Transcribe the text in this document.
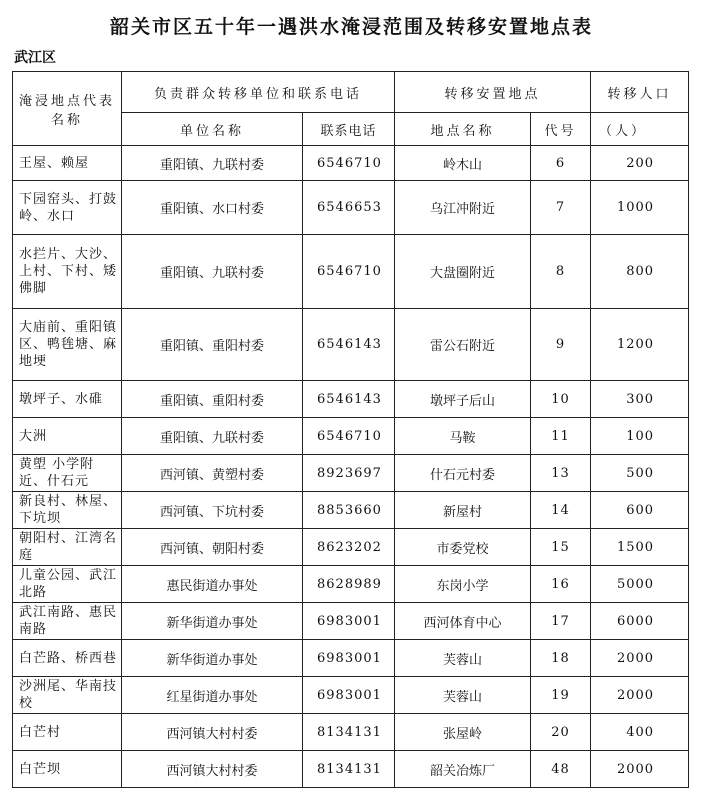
韶关市区五十年一遇洪水淹浸范围及转移安置地点表
武江区
淹浸地点代表名称	负责群众转移单位和联系电话		转移安置地点		转移人口
	单位名称	联系电话	地点名称	代号	（人）
王屋、赖屋	重阳镇、九联村委	6546710	岭木山	6	200
下园窑头、打鼓岭、水口	重阳镇、水口村委	6546653	乌江冲附近	7	1000
水拦片、大沙、上村、下村、矮佛脚	重阳镇、九联村委	6546710	大盘圈附近	8	800
大庙前、重阳镇区、鸭毪塘、麻地埂	重阳镇、重阳村委	6546143	雷公石附近	9	1200
墩坪子、水碓	重阳镇、重阳村委	6546143	墩坪子后山	10	300
大洲	重阳镇、九联村委	6546710	马鞍	11	100
黄塱 小学附近、什石元	西河镇、黄塑村委	8923697	什石元村委	13	500
新良村、林屋、下坑坝	西河镇、下坑村委	8853660	新屋村	14	600
朝阳村、江湾名庭	西河镇、朝阳村委	8623202	市委党校	15	1500
儿童公园、武江北路	惠民街道办事处	8628989	东岗小学	16	5000
武江南路、惠民南路	新华街道办事处	6983001	西河体育中心	17	6000
白芒路、桥西巷	新华街道办事处	6983001	芙蓉山	18	2000
沙洲尾、华南技校	红星街道办事处	6983001	芙蓉山	19	2000
白芒村	西河镇大村村委	8134131	张屋岭	20	400
白芒坝	西河镇大村村委	8134131	韶关冶炼厂	48	2000
